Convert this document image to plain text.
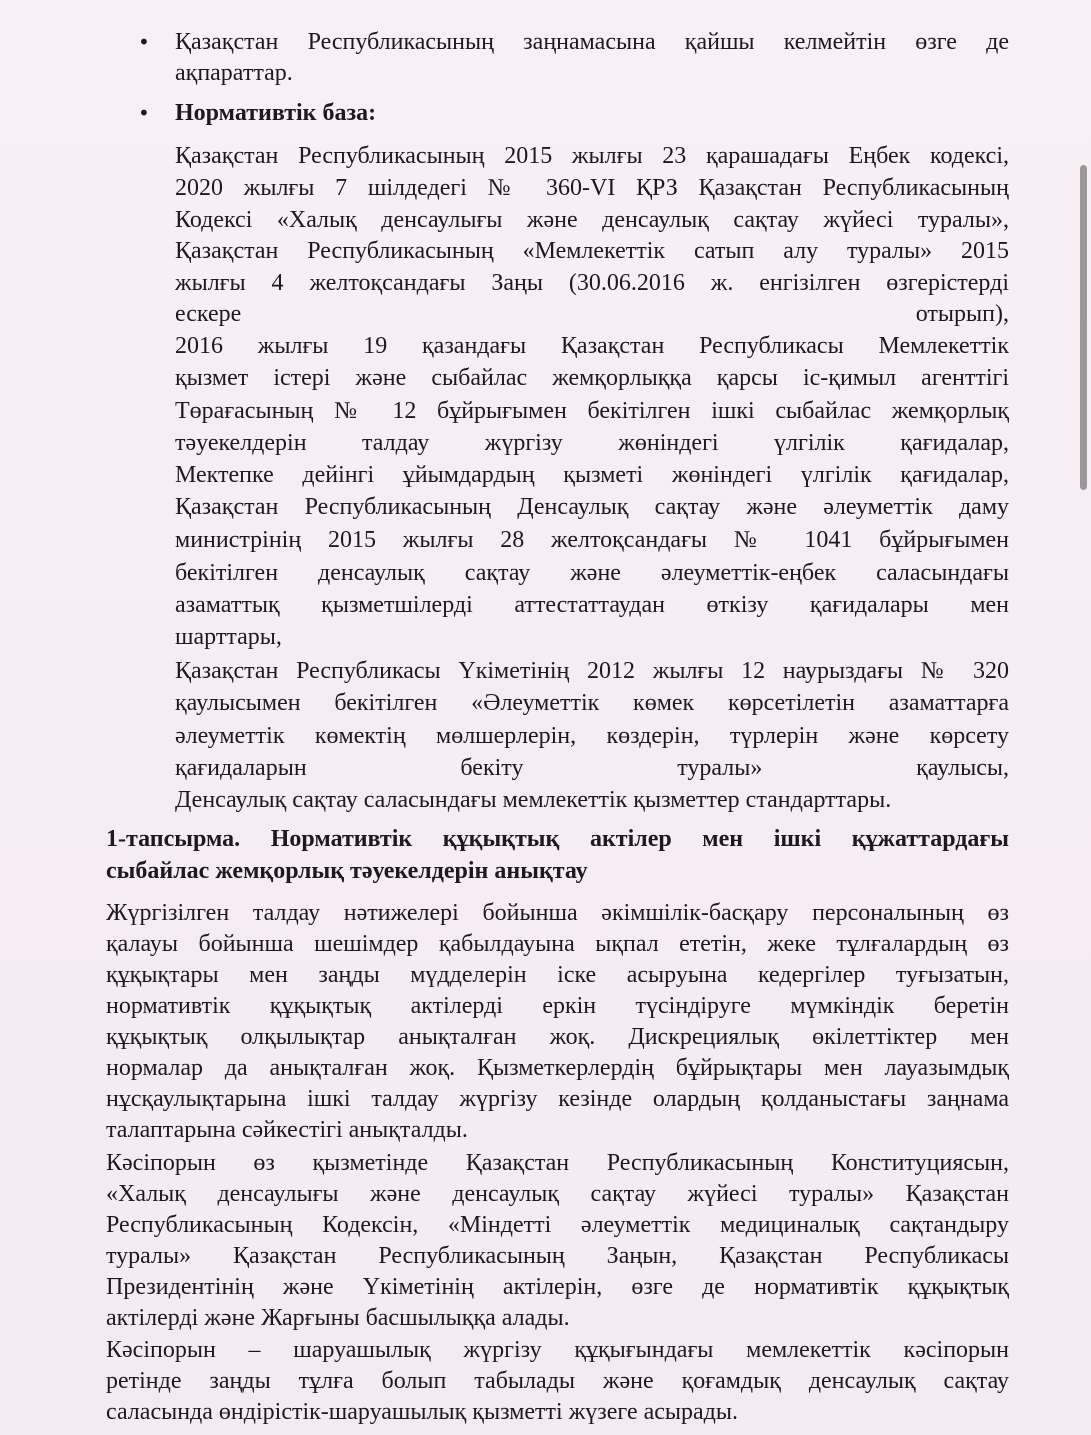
• Қазақстан Республикасының заңнамасына қайшы келмейтін өзге де
ақпараттар.
• Нормативтік база:
Қазақстан Республикасының 2015 жылғы 23 қарашадағы Еңбек кодексі,
2020 жылғы 7 шілдедегі № 360-VI ҚРЗ Қазақстан Республикасының
Кодексі «Халық денсаулығы және денсаулық сақтау жүйесі туралы»,
Қазақстан Республикасының «Мемлекеттік сатып алу туралы» 2015
жылғы 4 желтоқсандағы Заңы (30.06.2016 ж. енгізілген өзгерістерді
ескере	отырып),
2016 жылғы 19 қазандағы Қазақстан Республикасы Мемлекеттік
қызмет істері және сыбайлас жемқорлыққа қарсы іс-қимыл агенттігі
Төрағасының № 12 бұйрығымен бекітілген ішкі сыбайлас жемқорлық
тәуекелдерін талдау жүргізу жөніндегі үлгілік қағидалар,
Мектепке дейінгі ұйымдардың қызметі жөніндегі үлгілік қағидалар,
Қазақстан Республикасының Денсаулық сақтау және әлеуметтік даму
министрінің 2015 жылғы 28 желтоқсандағы № 1041 бұйрығымен
бекітілген денсаулық сақтау және әлеуметтік-еңбек саласындағы
азаматтық қызметшілерді аттестаттаудан өткізу қағидалары мен
шарттары,
Қазақстан Республикасы Үкіметінің 2012 жылғы 12 наурыздағы № 320
қаулысымен бекітілген «Әлеуметтік көмек көрсетілетін азаматтарға
әлеуметтік көмектің мөлшерлерін, көздерін, түрлерін және көрсету
қағидаларын бекіту туралы» қаулысы,
Денсаулық сақтау саласындағы мемлекеттік қызметтер стандарттары.
1-тапсырма. Нормативтік құқықтық актілер мен ішкі құжаттардағы
сыбайлас жемқорлық тәуекелдерін анықтау
Жүргізілген талдау нәтижелері бойынша әкімшілік-басқару персоналының өз
қалауы бойынша шешімдер қабылдауына ықпал ететін, жеке тұлғалардың өз
құқықтары мен заңды мүдделерін іске асыруына кедергілер туғызатын,
нормативтік құқықтық актілерді еркін түсіндіруге мүмкіндік беретін
құқықтық олқылықтар анықталған жоқ. Дискрециялық өкілеттіктер мен
нормалар да анықталған жоқ. Қызметкерлердің бұйрықтары мен лауазымдық
нұсқаулықтарына ішкі талдау жүргізу кезінде олардың қолданыстағы заңнама
талаптарына сәйкестігі анықталды.
Кәсіпорын өз қызметінде Қазақстан Республикасының Конституциясын,
«Халық денсаулығы және денсаулық сақтау жүйесі туралы» Қазақстан
Республикасының Кодексін, «Міндетті әлеуметтік медициналық сақтандыру
туралы» Қазақстан Республикасының Заңын, Қазақстан Республикасы
Президентінің және Үкіметінің актілерін, өзге де нормативтік құқықтық
актілерді және Жарғыны басшылыққа алады.
Кәсіпорын – шаруашылық жүргізу құқығындағы мемлекеттік кәсіпорын
ретінде заңды тұлға болып табылады және қоғамдық денсаулық сақтау
саласында өндірістік-шаруашылық қызметті жүзеге асырады.
